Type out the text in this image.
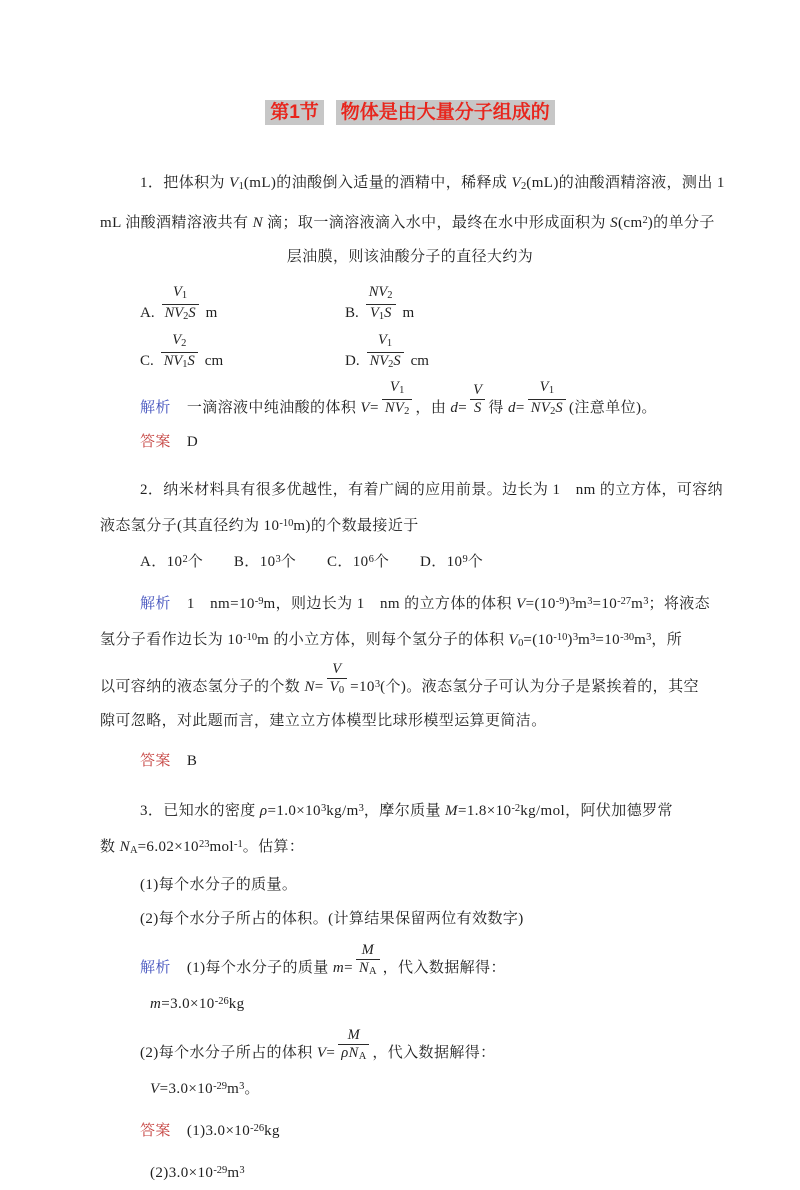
第1节 物体是由大量分子组成的
1．把体积为 $V_1(mL)$的油酸倒入适量的酒精中，稀释成 $V_2(mL)$的油酸酒精溶液，测出 1
mL 油酸酒精溶液共有 N 滴；取一滴溶液滴入水中，最终在水中形成面积为 $S(cm^2)$的单分子
层油膜，则该油酸分子的直径大约为
A. $\frac{V_1}{NV_2S}$ m	B. $\frac{NV_2}{V_1S}$ m
C. $\frac{V_2}{NV_1S}$ cm	D. $\frac{V_1}{NV_2S}$ cm
解析 一滴溶液中纯油酸的体积 $V= \frac{V_1}{NV_2}$ ，由 $d= \frac{V}{S}$ 得 $d= \frac{V_1}{NV_2S}$ (注意单位)。
答案 D
2．纳米材料具有很多优越性，有着广阔的应用前景。边长为 1　nm 的立方体，可容纳
液态氢分子(其直径约为 $10^{-10}m$)的个数最接近于
A．$10^2$个　　B．$10^3$个　　C．$10^6$个　　D．$10^9$个
解析 1　$nm=10^{-9}m$，则边长为 1　nm 的立方体的体积 $V=(10^{-9})^3m^3=10^{-27}m^3$；将液态
氢分子看作边长为 $10^{-10}m$ 的小立方体，则每个氢分子的体积 $V_0=(10^{-10})^3m^3=10^{-30}m^3$，所
以可容纳的液态氢分子的个数 $N= \frac{V}{V_0} =10^3$(个)。液态氢分子可认为分子是紧挨着的，其空
隙可忽略，对此题而言，建立立方体模型比球形模型运算更简洁。
答案 B
3．已知水的密度 $\rho=1.0\times 10^3kg/m^3$，摩尔质量 $M=1.8\times 10^{-2}kg$/mol，阿伏加德罗常
数 $N_A=6.02\times 10^{23}mol^{-1}$。估算：
(1)每个水分子的质量。
(2)每个水分子所占的体积。(计算结果保留两位有效数字)
解析 (1)每个水分子的质量 $m= \frac{M}{N_A}$ ，代入数据解得：
$m=3.0\times 10^{-26}kg$
(2)每个水分子所占的体积 $V= \frac{M}{\rho N_A}$ ，代入数据解得：
$V=3.0\times 10^{-29}m^3$。
答案 $(1)3.0\times 10^{-26}kg$
$(2)3.0\times 10^{-29}m^3$
